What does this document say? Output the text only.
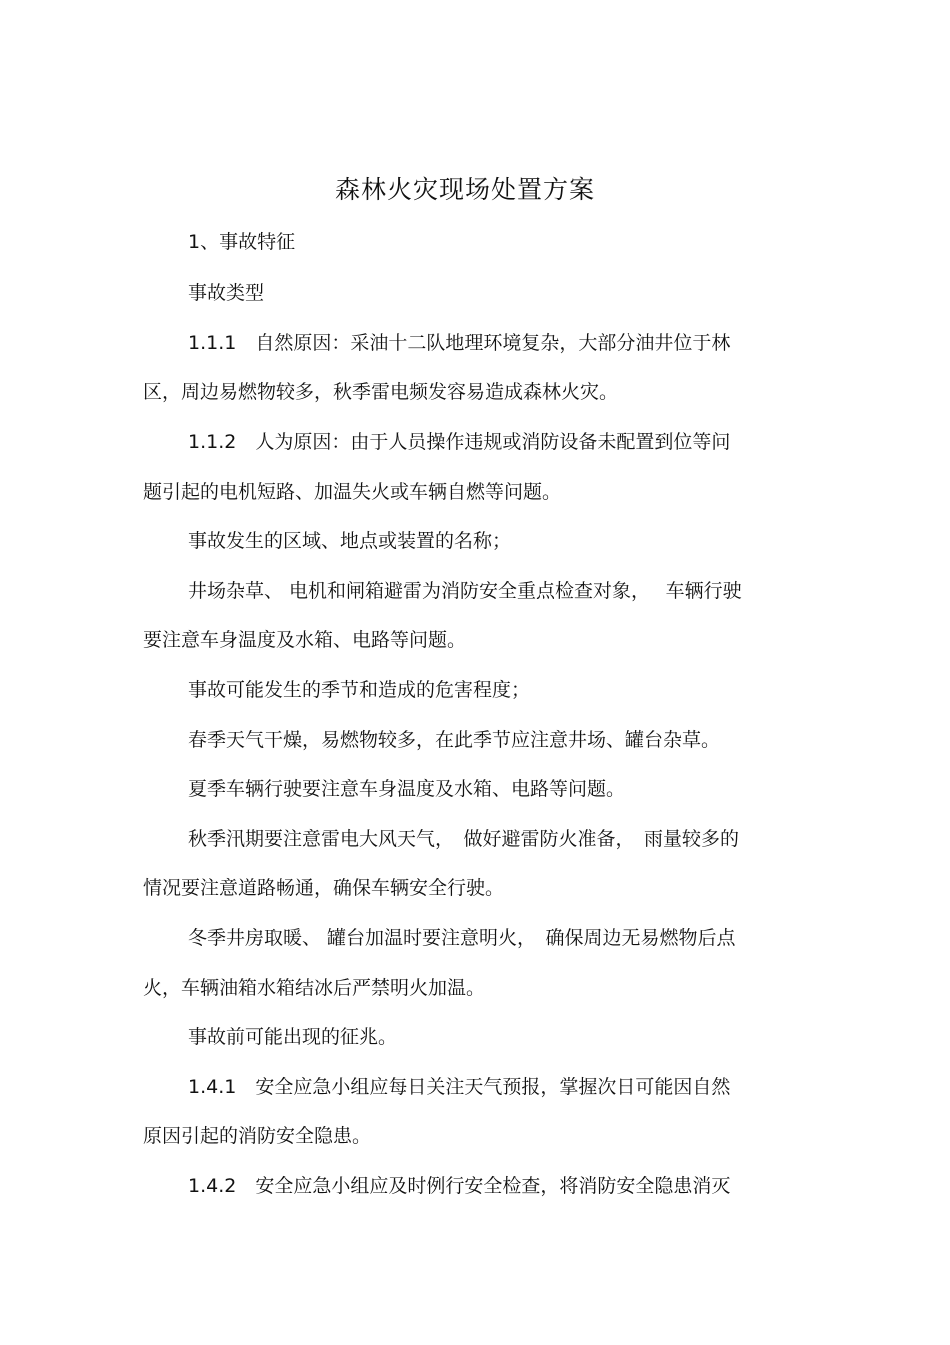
森林火灾现场处置方案
1、事故特征
事故类型
1.1.1　自然原因：采油十二队地理环境复杂，大部分油井位于林
区，周边易燃物较多，秋季雷电频发容易造成森林火灾。
1.1.2　人为原因：由于人员操作违规或消防设备未配置到位等问
题引起的电机短路、加温失火或车辆自燃等问题。
事故发生的区域、地点或装置的名称；
井场杂草、 电机和闸箱避雷为消防安全重点检查对象，　 车辆行驶
要注意车身温度及水箱、电路等问题。
事故可能发生的季节和造成的危害程度；
春季天气干燥，易燃物较多，在此季节应注意井场、罐台杂草。
夏季车辆行驶要注意车身温度及水箱、电路等问题。
秋季汛期要注意雷电大风天气，　做好避雷防火准备，　雨量较多的
情况要注意道路畅通，确保车辆安全行驶。
冬季井房取暖、 罐台加温时要注意明火，　确保周边无易燃物后点
火，车辆油箱水箱结冰后严禁明火加温。
事故前可能出现的征兆。
1.4.1　安全应急小组应每日关注天气预报，掌握次日可能因自然
原因引起的消防安全隐患。
1.4.2　安全应急小组应及时例行安全检查，将消防安全隐患消灭
